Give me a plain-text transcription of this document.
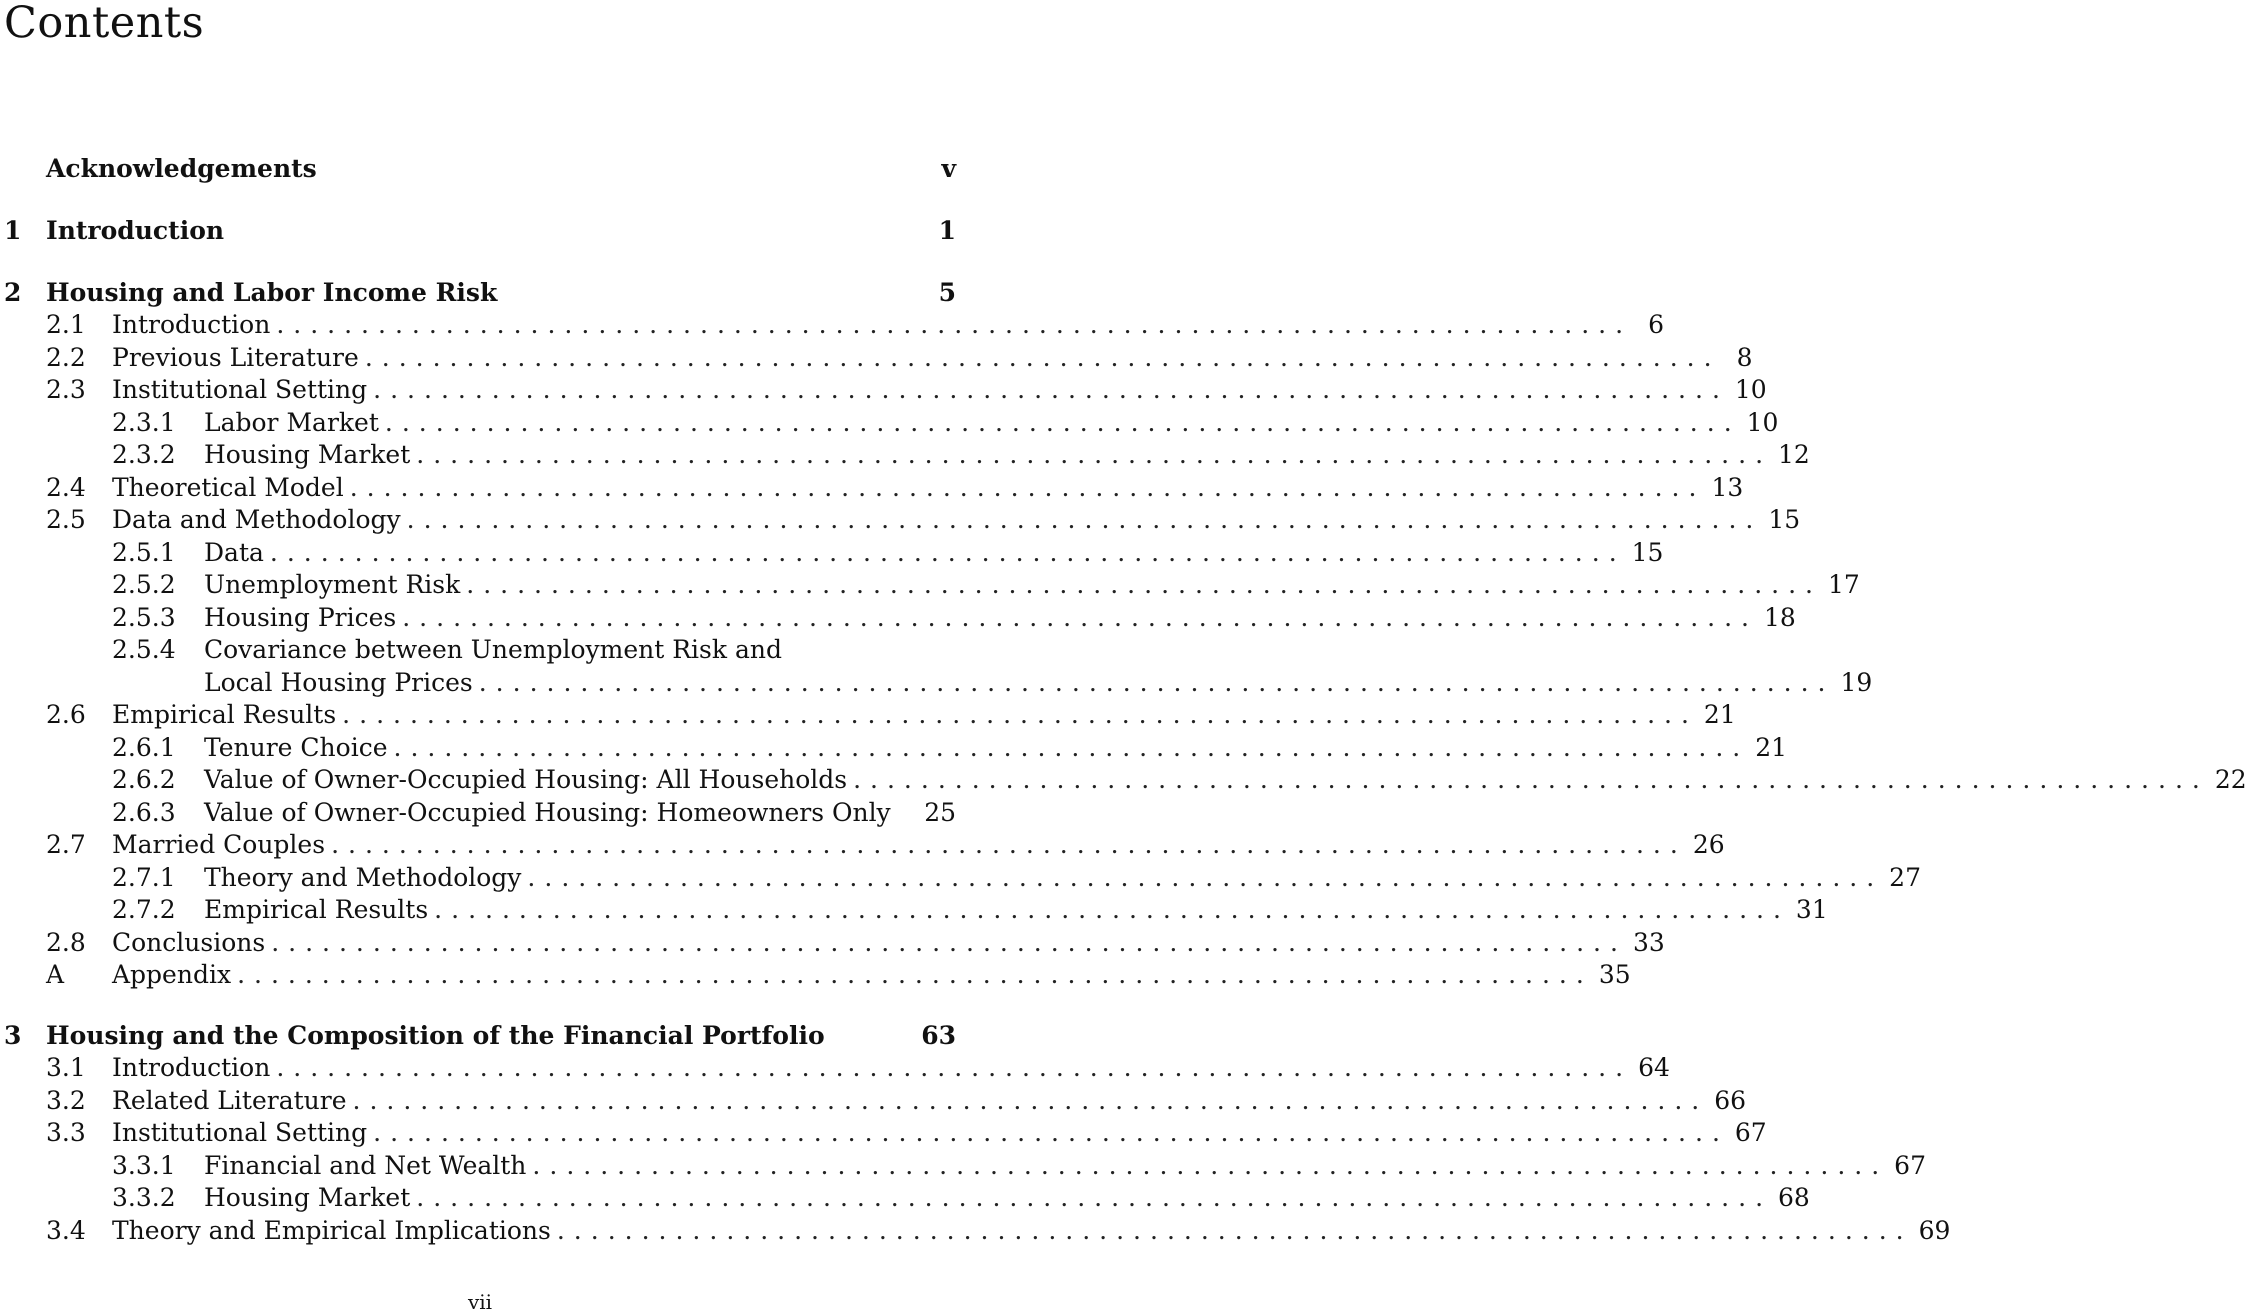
Contents
Acknowledgements	v
1 Introduction	1
2 Housing and Labor Income Risk	5
2.1	Introduction ................................................................................ 6
2.2	Previous Literature ................................................................................ 8
2.3	Institutional Setting ................................................................................ 10
2.3.1	Labor Market ................................................................................ 10
2.3.2	Housing Market ................................................................................ 12
2.4	Theoretical Model ................................................................................ 13
2.5	Data and Methodology ................................................................................ 15
2.5.1	Data ................................................................................ 15
2.5.2	Unemployment Risk ................................................................................ 17
2.5.3	Housing Prices ................................................................................ 18
2.5.4	Covariance between Unemployment Risk and
Local Housing Prices ................................................................................ 19
2.6	Empirical Results ................................................................................ 21
2.6.1	Tenure Choice ................................................................................ 21
2.6.2	Value of Owner-Occupied Housing: All Households ................................................................................ 22
2.6.3	Value of Owner-Occupied Housing: Homeowners Only 25
2.7	Married Couples ................................................................................ 26
2.7.1	Theory and Methodology ................................................................................ 27
2.7.2	Empirical Results ................................................................................ 31
2.8	Conclusions ................................................................................ 33
A	Appendix ................................................................................ 35
3 Housing and the Composition of the Financial Portfolio	63
3.1	Introduction ................................................................................ 64
3.2	Related Literature ................................................................................ 66
3.3	Institutional Setting ................................................................................ 67
3.3.1	Financial and Net Wealth ................................................................................ 67
3.3.2	Housing Market ................................................................................ 68
3.4	Theory and Empirical Implications ................................................................................ 69
vii
